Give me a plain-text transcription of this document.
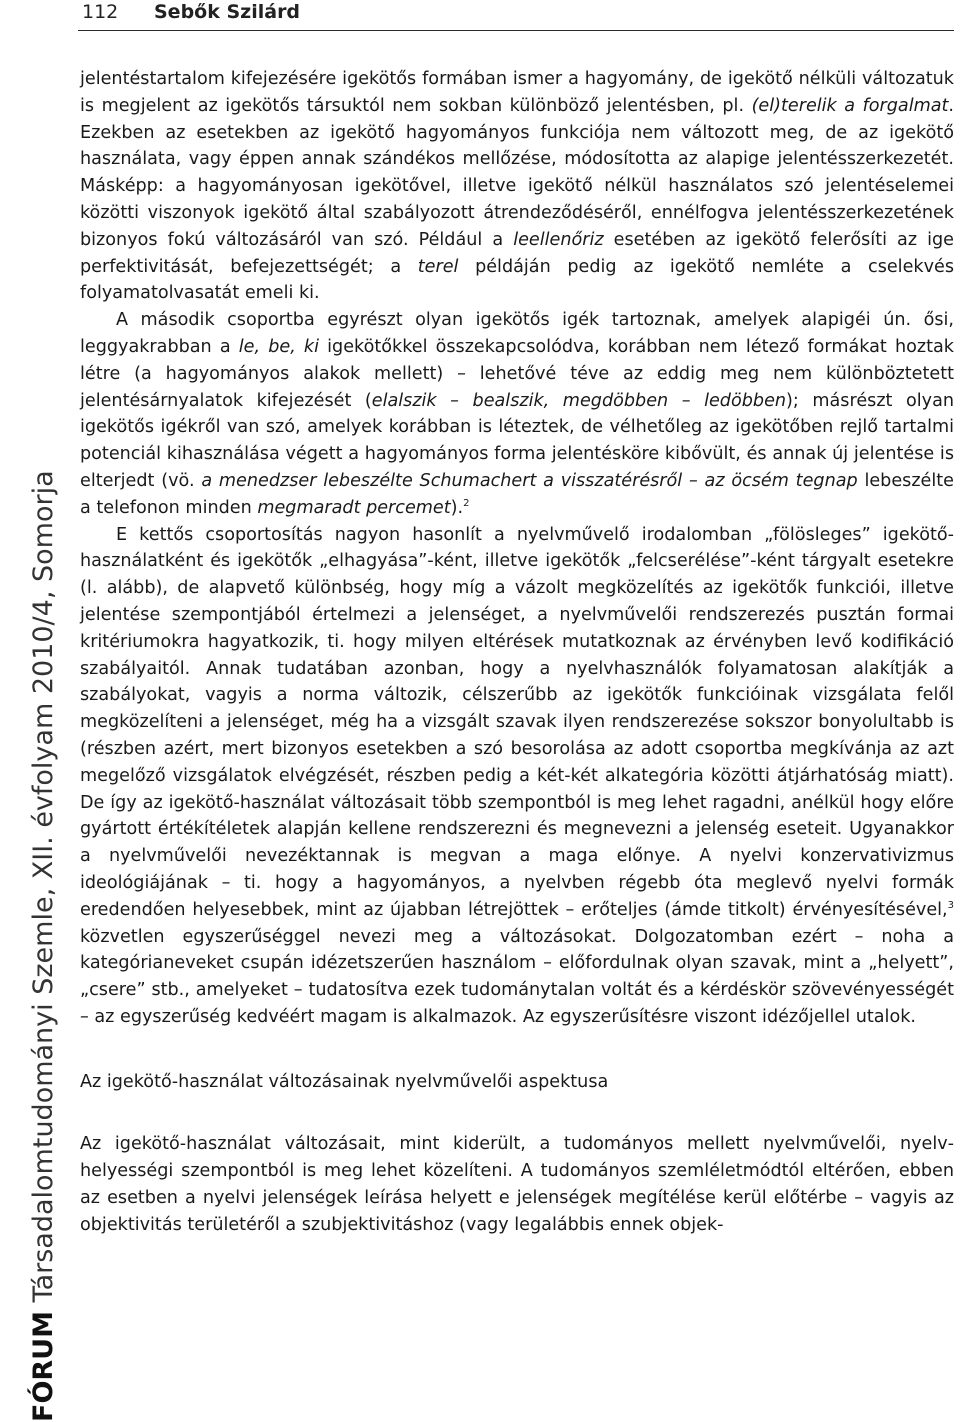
112 Sebők Szilárd
FÓRUM Társadalomtudományi Szemle, XII. évfolyam 2010/4, Somorja

jelentéstartalom kifejezésére igekötős formában ismer a hagyomány, de igekötő nélküli változatuk is megjelent az igekötős társuktól nem sokban különböző jelentésben, pl. (el)terelik a forgalmat. Ezekben az esetekben az igekötő hagyományos funkciója nem változott meg, de az igekötő használata, vagy éppen annak szándékos mellőzése, módosította az alapige jelentésszerkezetét. Másképp: a hagyományosan igekötővel, illetve igekötő nélkül használatos szó jelentéselemei közötti viszonyok igekötő által szabályozott átrendeződéséről, ennélfogva jelentésszerkezetének bizonyos fokú változásáról van szó. Például a leellenőriz esetében az igekötő felerősíti az ige perfektivitását, befejezettségét; a terel példáján pedig az igekötő nemléte a cselekvés folyamatolvasatát emeli ki.

A második csoportba egyrészt olyan igekötős igék tartoznak, amelyek alapigéi ún. ősi, leggyakrabban a le, be, ki igekötőkkel összekapcsolódva, korábban nem létező formákat hoztak létre (a hagyományos alakok mellett) – lehetővé téve az eddig meg nem különböztetett jelentésárnyalatok kifejezését (elalszik – bealszik, megdöbben – ledöbben); másrészt olyan igekötős igékről van szó, amelyek korábban is léteztek, de vélhetőleg az igekötőben rejlő tartalmi potenciál kihasználása végett a hagyományos forma jelentésköre kibővült, és annak új jelentése is elterjedt (vö. a menedzser lebeszélte Schumachert a visszatérésről – az öcsém tegnap lebeszélte a telefonon minden megmaradt percemet).$^2$

E kettős csoportosítás nagyon hasonlít a nyelvművelő irodalomban „fölösleges” igekötő-használatként és igekötők „elhagyása”-ként, illetve igekötők „felcserélése”-ként tárgyalt esetekre (l. alább), de alapvető különbség, hogy míg a vázolt megközelítés az igekötők funkciói, illetve jelentése szempontjából értelmezi a jelenséget, a nyelvművelői rendszerezés pusztán formai kritériumokra hagyatkozik, ti. hogy milyen eltérések mutatkoznak az érvényben levő kodifikáció szabályaitól. Annak tudatában azonban, hogy a nyelvhasználók folyamatosan alakítják a szabályokat, vagyis a norma változik, célszerűbb az igekötők funkcióinak vizsgálata felől megközelíteni a jelenséget, még ha a vizsgált szavak ilyen rendszerezése sokszor bonyolultabb is (részben azért, mert bizonyos esetekben a szó besorolása az adott csoportba megkívánja az azt megelőző vizsgálatok elvégzését, részben pedig a két-két alkategória közötti átjárhatóság miatt). De így az igekötő-használat változásait több szempontból is meg lehet ragadni, anélkül hogy előre gyártott értékítéletek alapján kellene rendszerezni és megnevezni a jelenség eseteit. Ugyanakkor a nyelvművelői nevezéktannak is megvan a maga előnye. A nyelvi konzervativizmus ideológiájának – ti. hogy a hagyományos, a nyelvben régebb óta meglevő nyelvi formák eredendően helyesebbek, mint az újabban létrejöttek – erőteljes (ámde titkolt) érvényesítésével,$^3$ közvetlen egyszerűséggel nevezi meg a változásokat. Dolgozatomban ezért – noha a kategórianeveket csupán idézetszerűen használom – előfordulnak olyan szavak, mint a „helyett”, „csere” stb., amelyeket – tudatosítva ezek tudománytalan voltát és a kérdéskör szövevényességét – az egyszerűség kedvéért magam is alkalmazok. Az egyszerűsítésre viszont idézőjellel utalok.

Az igekötő-használat változásainak nyelvművelői aspektusa

Az igekötő-használat változásait, mint kiderült, a tudományos mellett nyelvművelői, nyelvhelyességi szempontból is meg lehet közelíteni. A tudományos szemléletmódtól eltérően, ebben az esetben a nyelvi jelenségek leírása helyett e jelenségek megítélése kerül előtérbe – vagyis az objektivitás területéről a szubjektivitáshoz (vagy legalábbis ennek objek-
